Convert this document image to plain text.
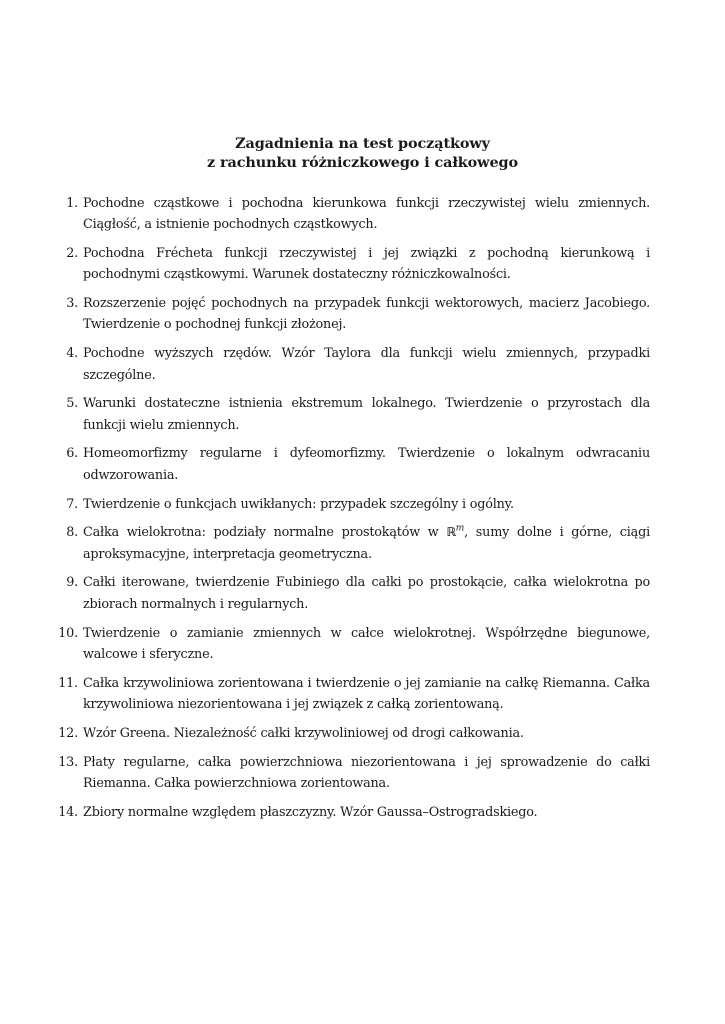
Zagadnienia na test początkowy
z rachunku różniczkowego i całkowego
1. Pochodne cząstkowe i pochodna kierunkowa funkcji rzeczywistej wielu zmiennych. Ciągłość, a istnienie pochodnych cząstkowych.
2. Pochodna Frécheta funkcji rzeczywistej i jej związki z pochodną kierunkową i pochodnymi cząstkowymi. Warunek dostateczny różniczkowalności.
3. Rozszerzenie pojęć pochodnych na przypadek funkcji wektorowych, macierz Jacobiego. Twierdzenie o pochodnej funkcji złożonej.
4. Pochodne wyższych rzędów. Wzór Taylora dla funkcji wielu zmiennych, przypadki szczególne.
5. Warunki dostateczne istnienia ekstremum lokalnego. Twierdzenie o przyrostach dla funkcji wielu zmiennych.
6. Homeomorfizmy regularne i dyfeomorfizmy. Twierdzenie o lokalnym odwracaniu odwzorowania.
7. Twierdzenie o funkcjach uwikłanych: przypadek szczególny i ogólny.
8. Całka wielokrotna: podziały normalne prostokątów w ℝ$^m$, sumy dolne i górne, ciągi aproksymacyjne, interpretacja geometryczna.
9. Całki iterowane, twierdzenie Fubiniego dla całki po prostokącie, całka wielokrotna po zbiorach normalnych i regularnych.
10. Twierdzenie o zamianie zmiennych w całce wielokrotnej. Współrzędne biegunowe, walcowe i sferyczne.
11. Całka krzywoliniowa zorientowana i twierdzenie o jej zamianie na całkę Riemanna. Całka krzywoliniowa niezorientowana i jej związek z całką zorientowaną.
12. Wzór Greena. Niezależność całki krzywoliniowej od drogi całkowania.
13. Płaty regularne, całka powierzchniowa niezorientowana i jej sprowadzenie do całki Riemanna. Całka powierzchniowa zorientowana.
14. Zbiory normalne względem płaszczyzny. Wzór Gaussa–Ostrogradskiego.
